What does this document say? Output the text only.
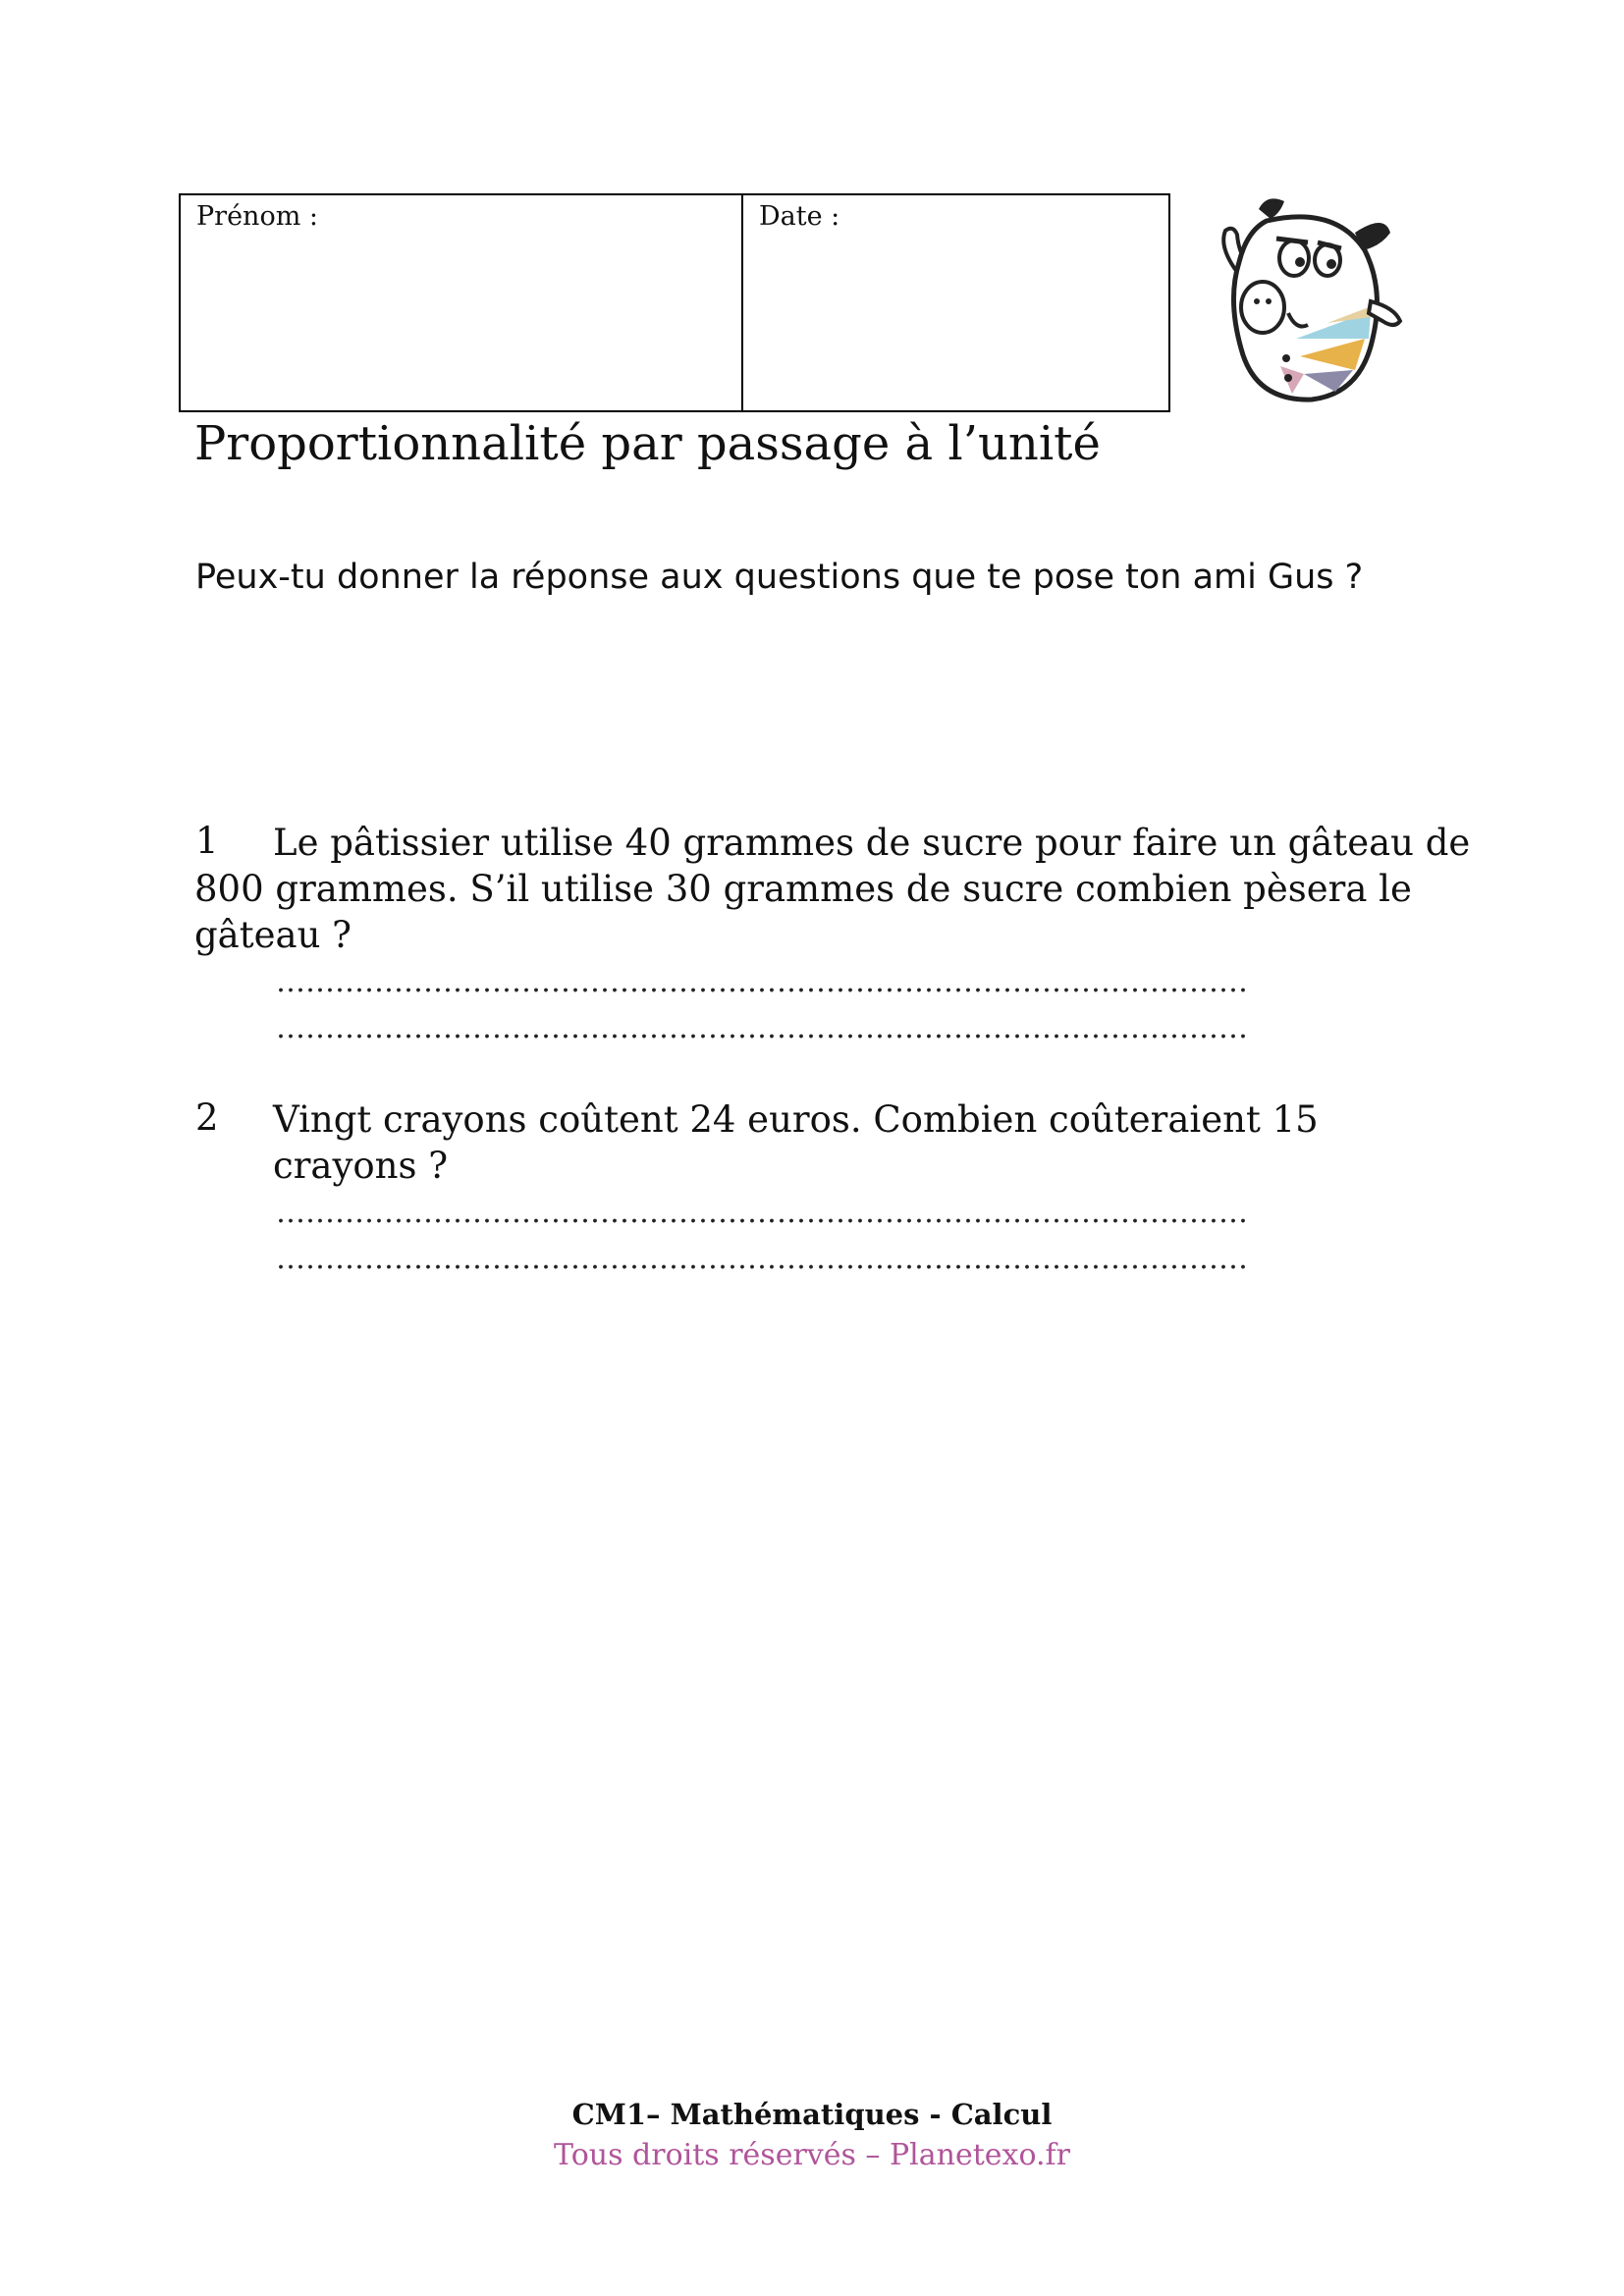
Prénom :	Date :
Proportionnalité par passage à l’unité
Peux-tu donner la réponse aux questions que te pose ton ami Gus ?
1 Le pâtissier utilise 40 grammes de sucre pour faire un gâteau de
800 grammes. S’il utilise 30 grammes de sucre combien pèsera le
gâteau ?
………………………………………………………………………………………
………………………………………………………………………………………
2 Vingt crayons coûtent 24 euros. Combien coûteraient 15
crayons ?
………………………………………………………………………………………
………………………………………………………………………………………
CM1– Mathématiques - Calcul
Tous droits réservés – Planetexo.fr
